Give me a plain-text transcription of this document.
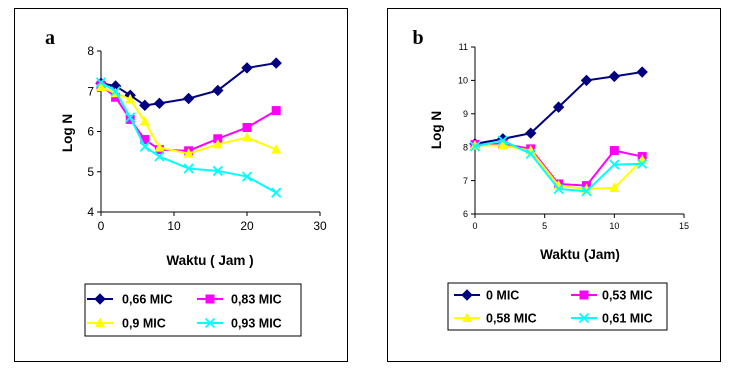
a
4
5
6
7
8
0	10	20	30
Waktu ( Jam )
Log N
0,66 MIC	0,83 MIC
0,9 MIC	0,93 MIC
b
6
7
8
9
10
11
0	5	10	15
Waktu (Jam)
Log N
0 MIC	0,53 MIC
0,58 MIC	0,61 MIC
